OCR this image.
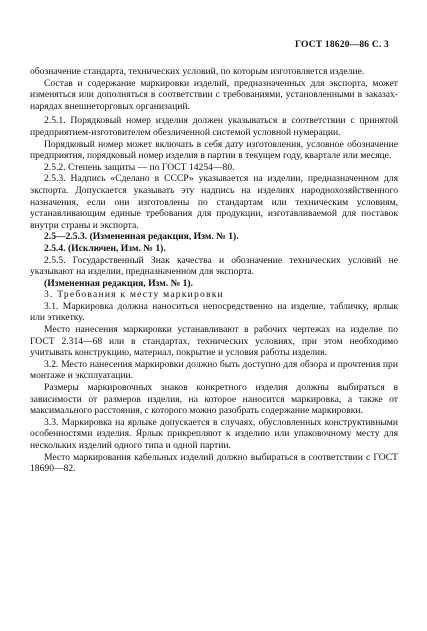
ГОСТ 18620—86 С. 3

обозначение стандарта, технических условий, по которым изготовляется изделие.

Состав и содержание маркировки изделий, предназначенных для экспорта, может изменяться или дополняться в соответствии с требованиями, установленными в заказах-нарядах внешнеторговых организаций.

2.5.1. Порядковый номер изделия должен указываться в соответствии с принятой предприятием-изготовителем обезличенной системой условной нумерации.

Порядковый номер может включать в себя дату изготовления, условное обозначение предприятия, порядковый номер изделия в партии в текущем году, квартале или месяце.

2.5.2. Степень защиты — по ГОСТ 14254—80.

2.5.3. Надпись «Сделано в СССР» указывается на изделии, предназначенном для экспорта. Допускается указывать эту надпись на изделиях народнохозяйственного назначения, если они изготовлены по стандартам или техническим условиям, устанавливающим единые требования для продукции, изготавливаемой для поставок внутри страны и экспорта.

2.5—2.5.3. (Измененная редакция, Изм. № 1).

2.5.4. (Исключен, Изм. № 1).

2.5.5. Государственный Знак качества и обозначение технических условий не указывают на изделии, предназначенном для экспорта.

(Измененная редакция, Изм. № 1).

3. Требования к месту маркировки

3.1. Маркировка должна наноситься непосредственно на изделие, табличку, ярлык или этикетку.

Место нанесения маркировки устанавливают в рабочих чертежах на изделие по ГОСТ 2.314—68 или в стандартах, технических условиях, при этом необходимо учитывать конструкцию, материал, покрытие и условия работы изделия.

3.2. Место нанесения маркировки должно быть доступно для обзора и прочтения при монтаже и эксплуатации.

Размеры маркировочных знаков конкретного изделия должны выбираться в зависимости от размеров изделия, на которое наносится маркировка, а также от максимального расстояния, с которого можно разобрать содержание маркировки.

3.3. Маркировка на ярлыке допускается в случаях, обусловленных конструктивными особенностями изделия. Ярлык прикрепляют к изделию или упаковочному месту для нескольких изделий одного типа и одной партии.

Место маркирования кабельных изделий должно выбираться в соответствии с ГОСТ 18690—82.
